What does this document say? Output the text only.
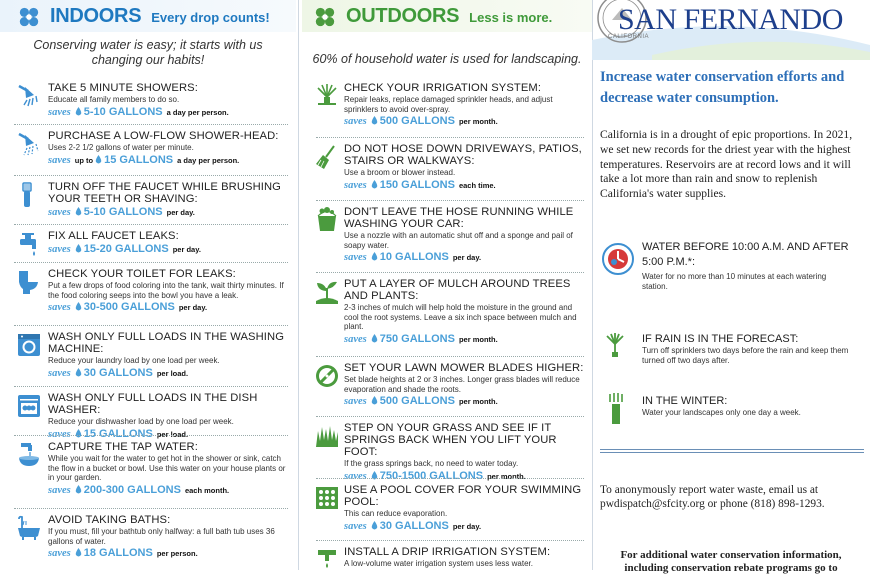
INDOORS Every drop counts!
Conserving water is easy; it starts with us changing our habits!
TAKE 5 MINUTE SHOWERS:
Educate all family members to do so.
saves 5-10 GALLONS a day per person.
PURCHASE A LOW-FLOW SHOWER-HEAD:
Uses 2-2 1/2 gallons of water per minute.
saves up to 15 GALLONS a day per person.
TURN OFF THE FAUCET WHILE BRUSHING YOUR TEETH OR SHAVING:
saves 5-10 GALLONS per day.
FIX ALL FAUCET LEAKS:
saves 15-20 GALLONS per day.
CHECK YOUR TOILET FOR LEAKS:
Put a few drops of food coloring into the tank, wait thirty minutes. If the food coloring seeps into the bowl you have a leak.
saves 30-500 GALLONS per day.
WASH ONLY FULL LOADS IN THE WASHING MACHINE:
Reduce your laundry load by one load per week.
saves 30 GALLONS per load.
WASH ONLY FULL LOADS IN THE DISH WASHER:
Reduce your dishwasher load by one load per week.
saves 15 GALLONS per load.
CAPTURE THE TAP WATER:
While you wait for the water to get hot in the shower or sink, catch the flow in a bucket or bowl. Use this water on your house plants or in your garden.
saves 200-300 GALLONS each month.
AVOID TAKING BATHS:
If you must, fill your bathtub only halfway: a full bath tub uses 36 gallons of water.
saves 18 GALLONS per person.
OUTDOORS Less is more.
60% of household water is used for landscaping.
CHECK YOUR IRRIGATION SYSTEM:
Repair leaks, replace damaged sprinkler heads, and adjust sprinklers to avoid over-spray.
saves 500 GALLONS per month.
DO NOT HOSE DOWN DRIVEWAYS, PATIOS, STAIRS OR WALKWAYS:
Use a broom or blower instead.
saves 150 GALLONS each time.
DON'T LEAVE THE HOSE RUNNING WHILE WASHING YOUR CAR:
Use a nozzle with an automatic shut off and a sponge and pail of soapy water.
saves 10 GALLONS per day.
PUT A LAYER OF MULCH AROUND TREES AND PLANTS:
2-3 inches of mulch will help hold the moisture in the ground and cool the root systems. Leave a six inch space between mulch and plant.
saves 750 GALLONS per month.
SET YOUR LAWN MOWER BLADES HIGHER:
Set blade heights at 2 or 3 inches. Longer grass blades will reduce evaporation and shade the roots.
saves 500 GALLONS per month.
STEP ON YOUR GRASS AND SEE IF IT SPRINGS BACK WHEN YOU LIFT YOUR FOOT:
If the grass springs back, no need to water today.
saves 750-1500 GALLONS per month.
USE A POOL COVER FOR YOUR SWIMMING POOL:
This can reduce evaporation.
saves 30 GALLONS per day.
INSTALL A DRIP IRRIGATION SYSTEM:
A low-volume water irrigation system uses less water.
CALIFORNIA
SAN FERNANDO
Increase water conservation efforts and decrease water consumption.
California is in a drought of epic proportions. In 2021, we set new records for the driest year with the highest temperatures. Reservoirs are at record lows and it will take a lot more than rain and snow to replenish California's water supplies.
WATER BEFORE 10:00 A.M. AND AFTER 5:00 P.M.*:
Water for no more than 10 minutes at each watering station.
IF RAIN IS IN THE FORECAST:
Turn off sprinklers two days before the rain and keep them turned off two days after.
IN THE WINTER:
Water your landscapes only one day a week.
To anonymously report water waste, email us at pwdispatch@sfcity.org or phone (818) 898-1293.
For additional water conservation information, including conservation rebate programs go to
